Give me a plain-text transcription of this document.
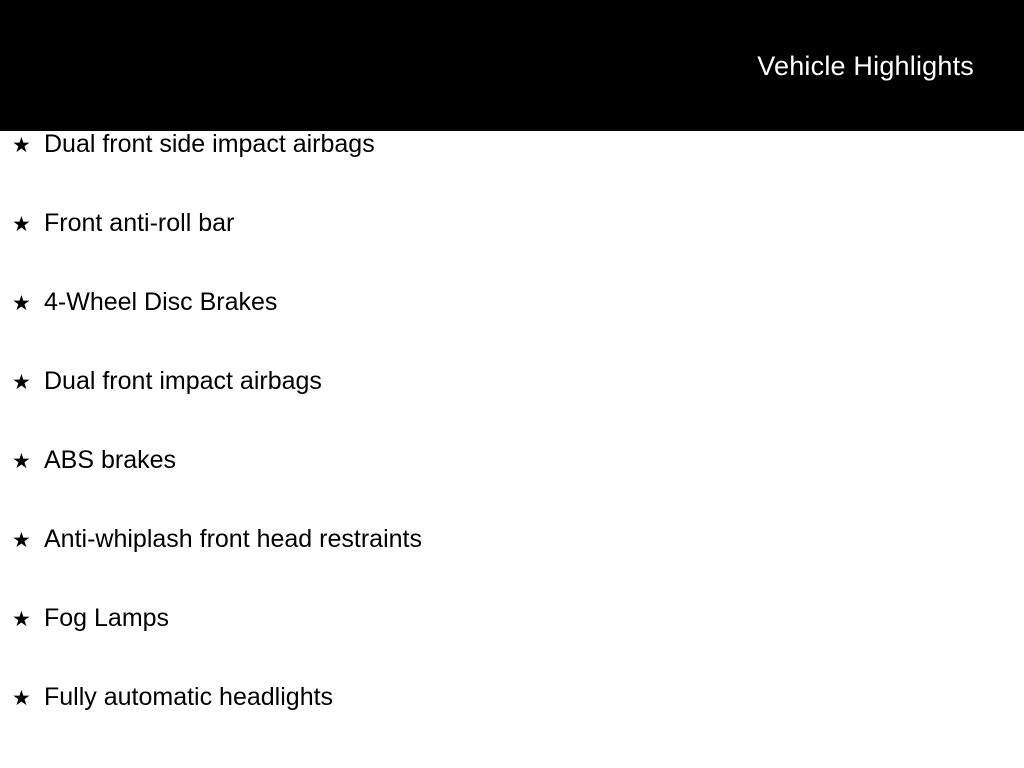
Vehicle Highlights
★ Dual front side impact airbags
★ Front anti-roll bar
★ 4-Wheel Disc Brakes
★ Dual front impact airbags
★ ABS brakes
★ Anti-whiplash front head restraints
★ Fog Lamps
★ Fully automatic headlights
